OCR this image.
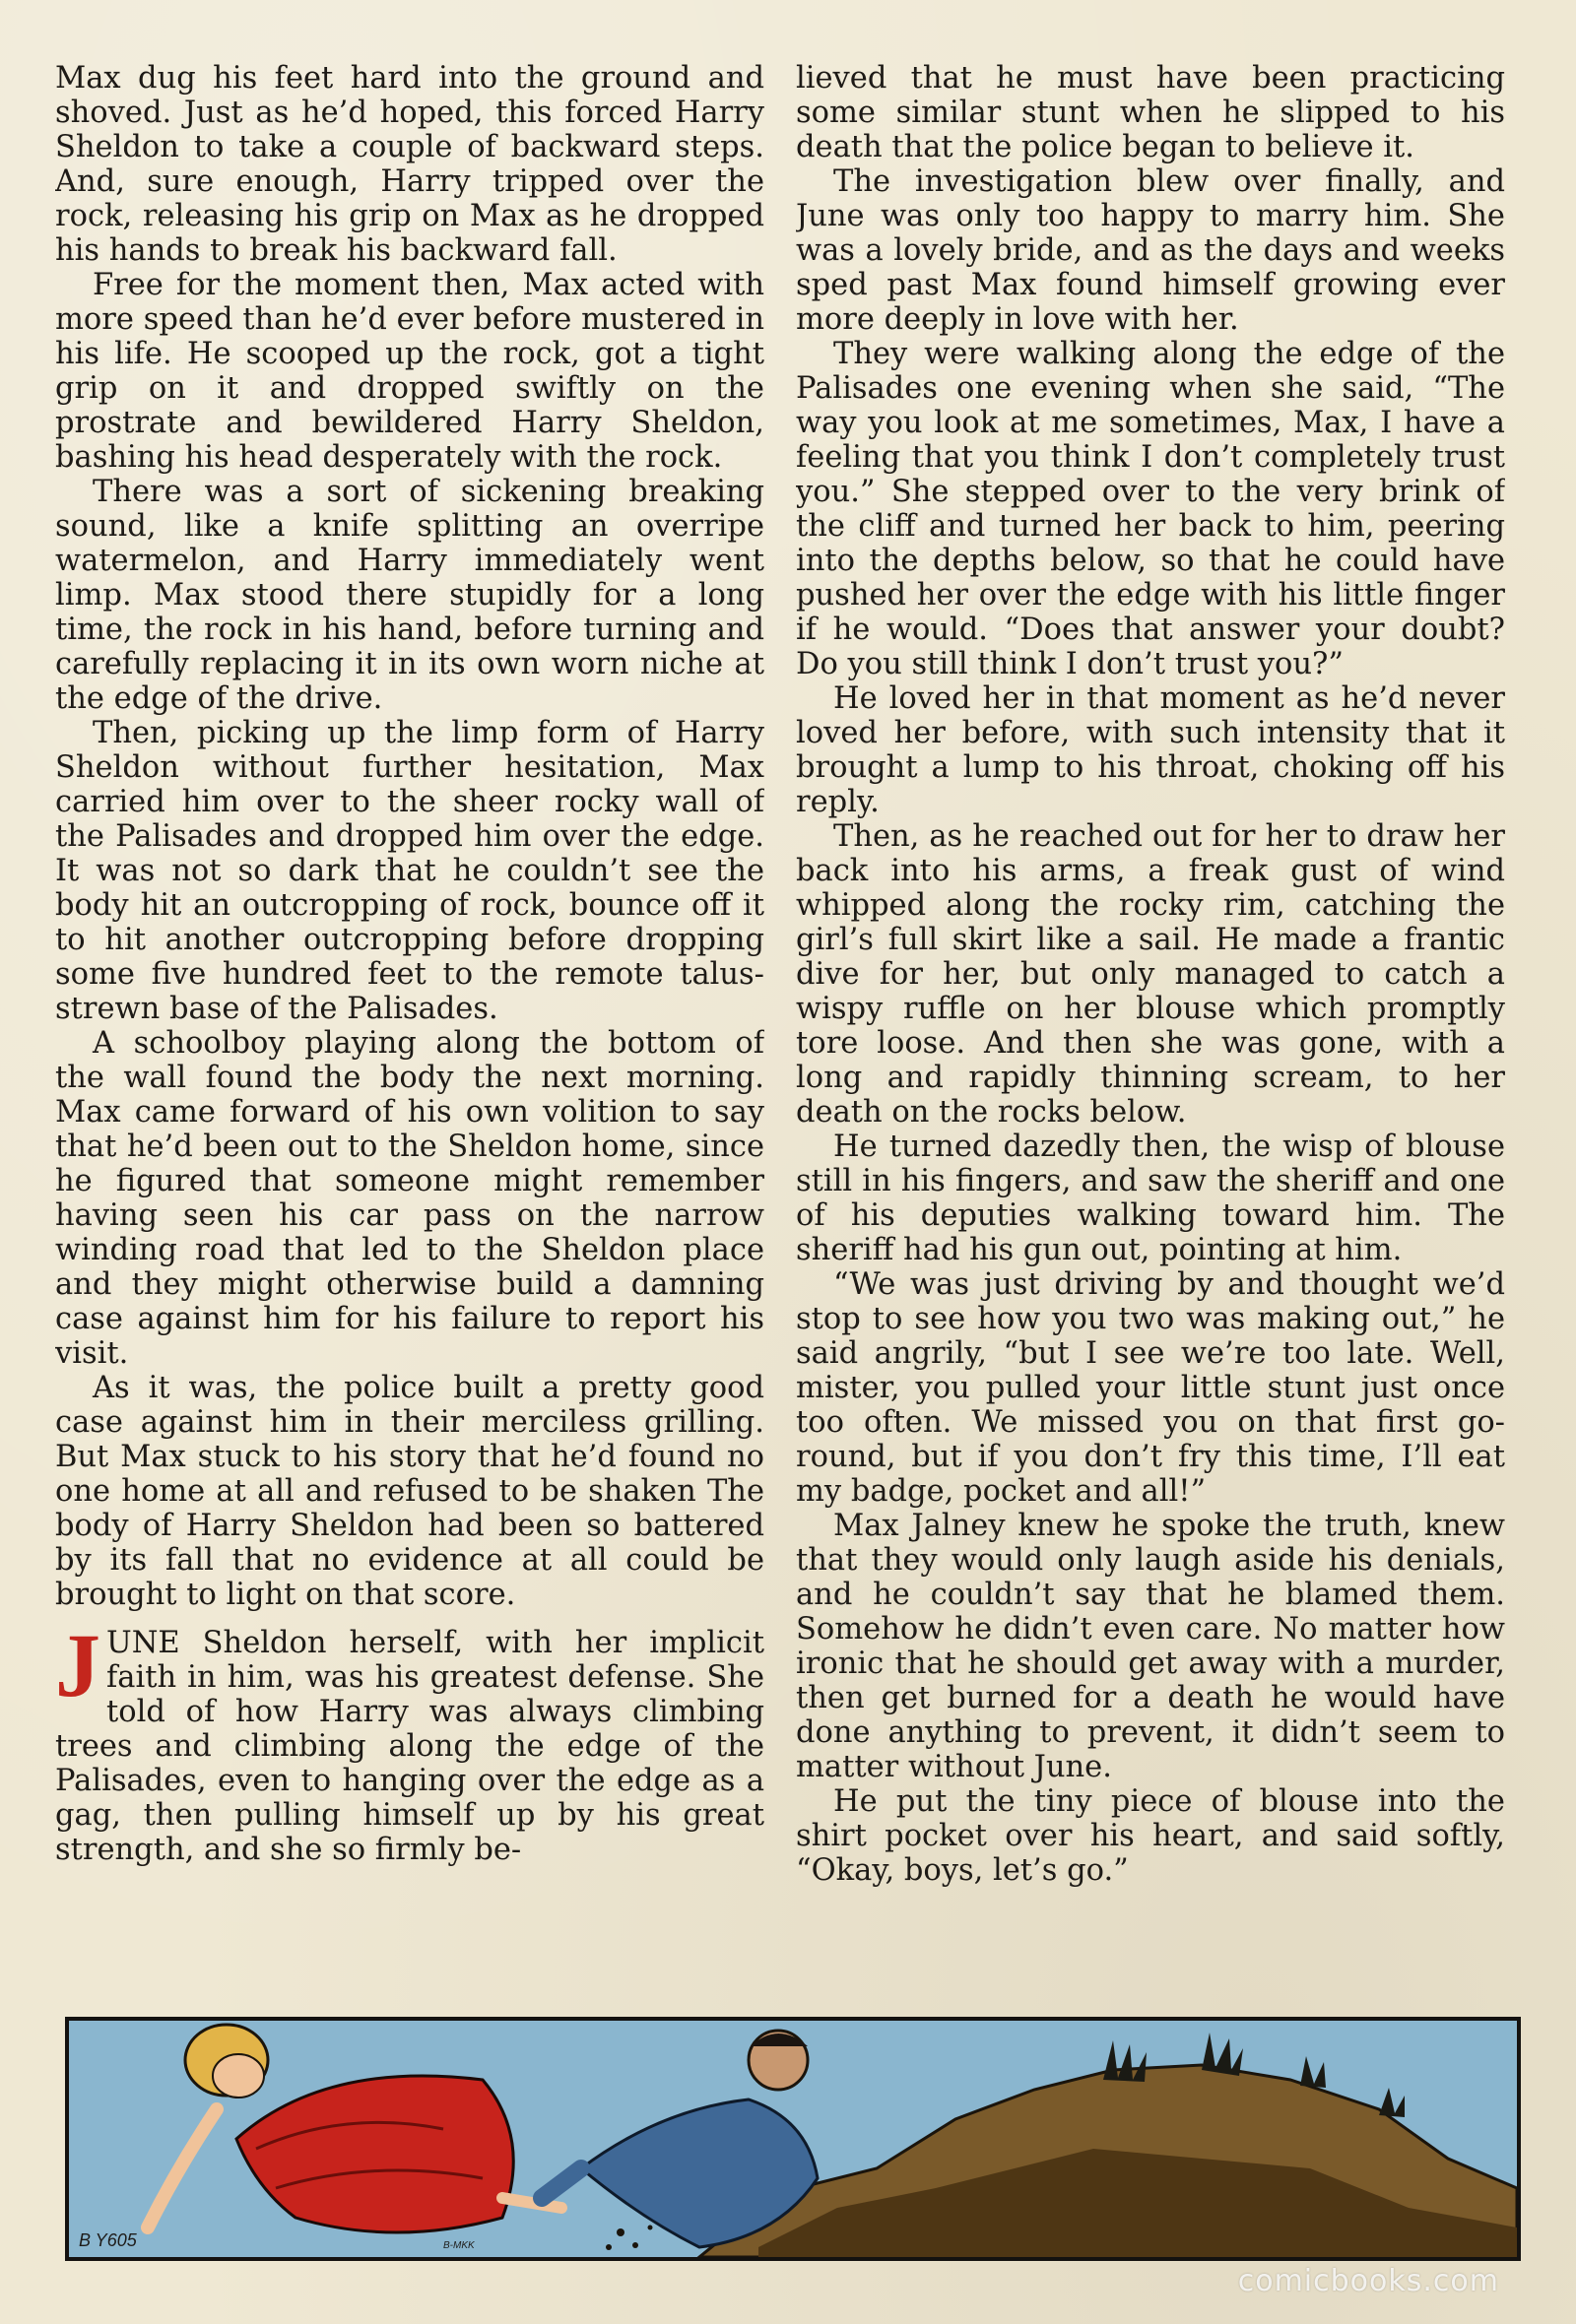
Max dug his feet hard into the ground and shoved. Just as he’d hoped, this forced Harry Sheldon to take a couple of backward steps. And, sure enough, Harry tripped over the rock, releasing his grip on Max as he dropped his hands to break his backward fall.

Free for the moment then, Max acted with more speed than he’d ever before mustered in his life. He scooped up the rock, got a tight grip on it and dropped swiftly on the prostrate and bewildered Harry Sheldon, bashing his head desperately with the rock.

There was a sort of sickening breaking sound, like a knife splitting an overripe watermelon, and Harry immediately went limp. Max stood there stupidly for a long time, the rock in his hand, before turning and carefully replacing it in its own worn niche at the edge of the drive.

Then, picking up the limp form of Harry Sheldon without further hesitation, Max carried him over to the sheer rocky wall of the Palisades and dropped him over the edge. It was not so dark that he couldn’t see the body hit an outcropping of rock, bounce off it to hit another outcropping before dropping some five hundred feet to the remote talus-strewn base of the Palisades.

A schoolboy playing along the bottom of the wall found the body the next morning. Max came forward of his own volition to say that he’d been out to the Sheldon home, since he figured that someone might remember having seen his car pass on the narrow winding road that led to the Sheldon place and they might otherwise build a damning case against him for his failure to report his visit.

As it was, the police built a pretty good case against him in their merciless grilling. But Max stuck to his story that he’d found no one home at all and refused to be shaken The body of Harry Sheldon had been so battered by its fall that no evidence at all could be brought to light on that score.

JUNE Sheldon herself, with her implicit faith in him, was his greatest defense. She told of how Harry was always climbing trees and climbing along the edge of the Palisades, even to hanging over the edge as a gag, then pulling himself up by his great strength, and she so firmly be-

lieved that he must have been practicing some similar stunt when he slipped to his death that the police began to believe it.

The investigation blew over finally, and June was only too happy to marry him. She was a lovely bride, and as the days and weeks sped past Max found himself growing ever more deeply in love with her.

They were walking along the edge of the Palisades one evening when she said, “The way you look at me sometimes, Max, I have a feeling that you think I don’t completely trust you.” She stepped over to the very brink of the cliff and turned her back to him, peering into the depths below, so that he could have pushed her over the edge with his little finger if he would. “Does that answer your doubt? Do you still think I don’t trust you?”

He loved her in that moment as he’d never loved her before, with such intensity that it brought a lump to his throat, choking off his reply.

Then, as he reached out for her to draw her back into his arms, a freak gust of wind whipped along the rocky rim, catching the girl’s full skirt like a sail. He made a frantic dive for her, but only managed to catch a wispy ruffle on her blouse which promptly tore loose. And then she was gone, with a long and rapidly thinning scream, to her death on the rocks below.

He turned dazedly then, the wisp of blouse still in his fingers, and saw the sheriff and one of his deputies walking toward him. The sheriff had his gun out, pointing at him.

“We was just driving by and thought we’d stop to see how you two was making out,” he said angrily, “but I see we’re too late. Well, mister, you pulled your little stunt just once too often. We missed you on that first go-round, but if you don’t fry this time, I’ll eat my badge, pocket and all!”

Max Jalney knew he spoke the truth, knew that they would only laugh aside his denials, and he couldn’t say that he blamed them. Somehow he didn’t even care. No matter how ironic that he should get away with a murder, then get burned for a death he would have done anything to prevent, it didn’t seem to matter without June.

He put the tiny piece of blouse into the shirt pocket over his heart, and said softly, “Okay, boys, let’s go.”

B Y605	B-MKK
comicbooks.com
